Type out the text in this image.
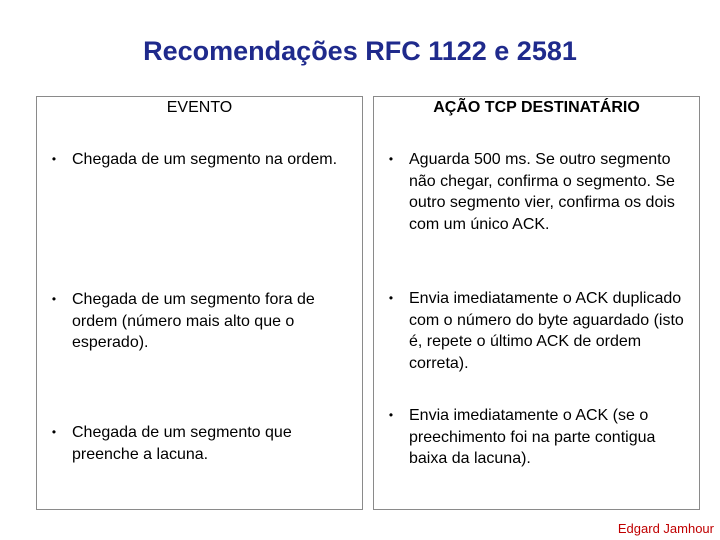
Recomendações RFC 1122 e 2581
EVENTO
• Chegada de um segmento na ordem.
• Chegada de um segmento fora de ordem (número mais alto que o esperado).
• Chegada de um segmento que preenche a lacuna.
AÇÃO TCP DESTINATÁRIO
• Aguarda 500 ms. Se outro segmento não chegar, confirma o segmento. Se outro segmento vier, confirma os dois com um único ACK.
• Envia imediatamente o ACK duplicado com o número do byte aguardado (isto é, repete o último ACK de ordem correta).
• Envia imediatamente o ACK (se o preechimento foi na parte contigua baixa da lacuna).
Edgard Jamhour
